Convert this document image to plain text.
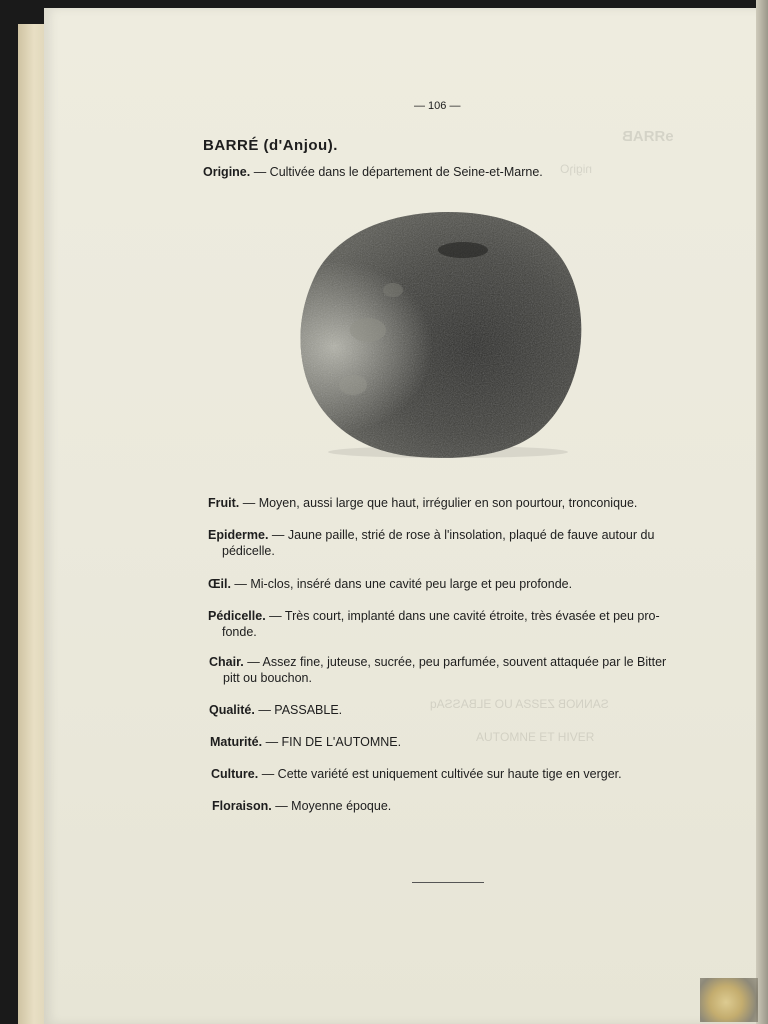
ɘЯЯAB
nigiɿO
SANNOB ZƎƧƧA UO ƎLBASSAq
ЯƎVIH TƎ ƎИMOTUA
— 106 —
BARRÉ (d'Anjou).
Origine. — Cultivée dans le département de Seine-et-Marne.
Fruit. — Moyen, aussi large que haut, irrégulier en son pourtour, tronconique.
Epiderme. — Jaune paille, strié de rose à l'insolation, plaqué de fauve autour du
pédicelle.
Œil. — Mi-clos, inséré dans une cavité peu large et peu profonde.
Pédicelle. — Très court, implanté dans une cavité étroite, très évasée et peu pro-
fonde.
Chair. — Assez fine, juteuse, sucrée, peu parfumée, souvent attaquée par le Bitter
pitt ou bouchon.
Qualité. — PASSABLE.
Maturité. — FIN DE L'AUTOMNE.
Culture. — Cette variété est uniquement cultivée sur haute tige en verger.
Floraison. — Moyenne époque.
